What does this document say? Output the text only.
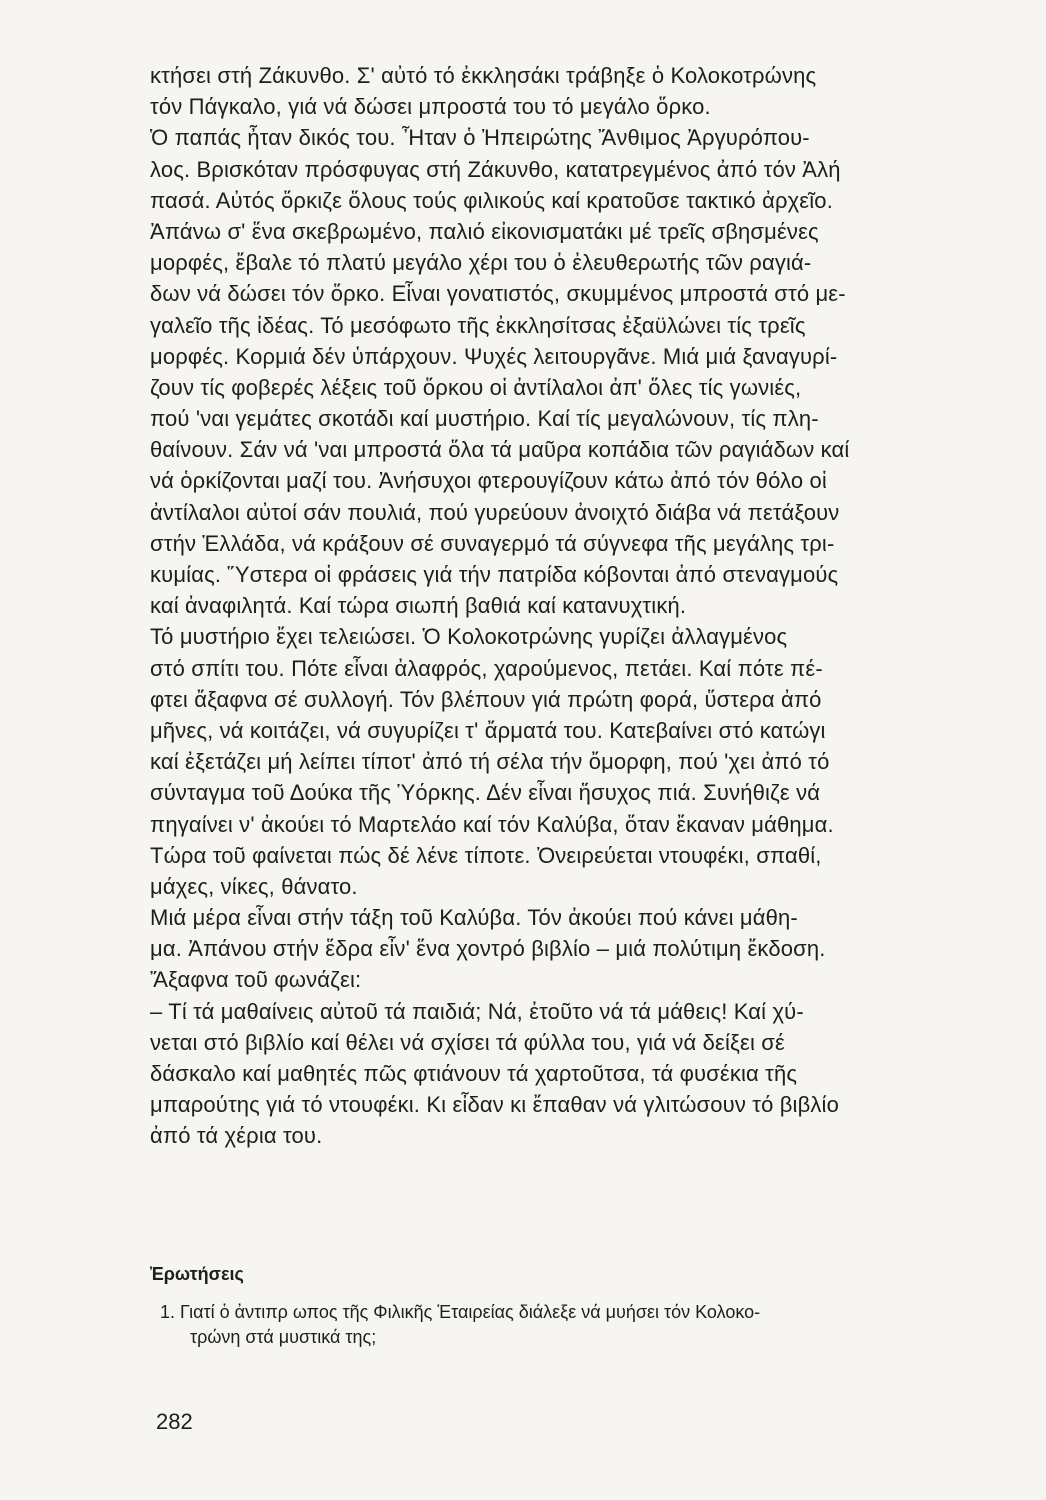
κτήσει στή Ζάκυνθο. Σ' αὐτό τό ἐκκλησάκι τράβηξε ὁ Κολοκοτρώνης
τόν Πάγκαλο, γιά νά δώσει μπροστά του τό μεγάλο ὅρκο.
Ὁ παπάς ἦταν δικός του. Ἦταν ὁ Ἠπειρώτης Ἄνθιμος Ἀργυρόπου-
λος. Βρισκόταν πρόσφυγας στή Ζάκυνθο, κατατρεγμένος ἀπό τόν Ἀλή
πασά. Αὐτός ὅρκιζε ὅλους τούς φιλικούς καί κρατοῦσε τακτικό ἀρχεῖο.
Ἀπάνω σ' ἕνα σκεβρωμένο, παλιό εἰκονισματάκι μέ τρεῖς σβησμένες
μορφές, ἔβαλε τό πλατύ μεγάλο χέρι του ὁ ἐλευθερωτής τῶν ραγιά-
δων νά δώσει τόν ὅρκο. Εἶναι γονατιστός, σκυμμένος μπροστά στό με-
γαλεῖο τῆς ἰδέας. Τό μεσόφωτο τῆς ἐκκλησίτσας ἐξαϋλώνει τίς τρεῖς
μορφές. Κορμιά δέν ὑπάρχουν. Ψυχές λειτουργᾶνε. Μιά μιά ξαναγυρί-
ζουν τίς φοβερές λέξεις τοῦ ὅρκου οἱ ἀντίλαλοι ἀπ' ὅλες τίς γωνιές,
πού 'ναι γεμάτες σκοτάδι καί μυστήριο. Καί τίς μεγαλώνουν, τίς πλη-
θαίνουν. Σάν νά 'ναι μπροστά ὅλα τά μαῦρα κοπάδια τῶν ραγιάδων καί
νά ὁρκίζονται μαζί του. Ἀνήσυχοι φτερουγίζουν κάτω ἀπό τόν θόλο οἱ
ἀντίλαλοι αὐτοί σάν πουλιά, πού γυρεύουν ἀνοιχτό διάβα νά πετάξουν
στήν Ἑλλάδα, νά κράξουν σέ συναγερμό τά σύγνεφα τῆς μεγάλης τρι-
κυμίας. Ὕστερα οἱ φράσεις γιά τήν πατρίδα κόβονται ἀπό στεναγμούς
καί ἀναφιλητά. Καί τώρα σιωπή βαθιά καί κατανυχτική.
Τό μυστήριο ἔχει τελειώσει. Ὁ Κολοκοτρώνης γυρίζει ἀλλαγμένος
στό σπίτι του. Πότε εἶναι ἀλαφρός, χαρούμενος, πετάει. Καί πότε πέ-
φτει ἄξαφνα σέ συλλογή. Τόν βλέπουν γιά πρώτη φορά, ὕστερα ἀπό
μῆνες, νά κοιτάζει, νά συγυρίζει τ' ἄρματά του. Κατεβαίνει στό κατώγι
καί ἐξετάζει μή λείπει τίποτ' ἀπό τή σέλα τήν ὄμορφη, πού 'χει ἀπό τό
σύνταγμα τοῦ Δούκα τῆς Ὑόρκης. Δέν εἶναι ἥσυχος πιά. Συνήθιζε νά
πηγαίνει ν' ἀκούει τό Μαρτελάο καί τόν Καλύβα, ὅταν ἔκαναν μάθημα.
Τώρα τοῦ φαίνεται πώς δέ λένε τίποτε. Ὀνειρεύεται ντουφέκι, σπαθί,
μάχες, νίκες, θάνατο.
Μιά μέρα εἶναι στήν τάξη τοῦ Καλύβα. Τόν ἀκούει πού κάνει μάθη-
μα. Ἀπάνου στήν ἕδρα εἶν' ἕνα χοντρό βιβλίο – μιά πολύτιμη ἔκδοση.
Ἄξαφνα τοῦ φωνάζει:
– Τί τά μαθαίνεις αὐτοῦ τά παιδιά; Νά, ἐτοῦτο νά τά μάθεις! Καί χύ-
νεται στό βιβλίο καί θέλει νά σχίσει τά φύλλα του, γιά νά δείξει σέ
δάσκαλο καί μαθητές πῶς φτιάνουν τά χαρτοῦτσα, τά φυσέκια τῆς
μπαρούτης γιά τό ντουφέκι. Κι εἶδαν κι ἔπαθαν νά γλιτώσουν τό βιβλίο
ἀπό τά χέρια του.
Ἐρωτήσεις
1. Γιατί ὁ ἀντιπρ ωπος τῆς Φιλικῆς Ἑταιρείας διάλεξε νά μυήσει τόν Κολοκο-
τρώνη στά μυστικά της;
282
